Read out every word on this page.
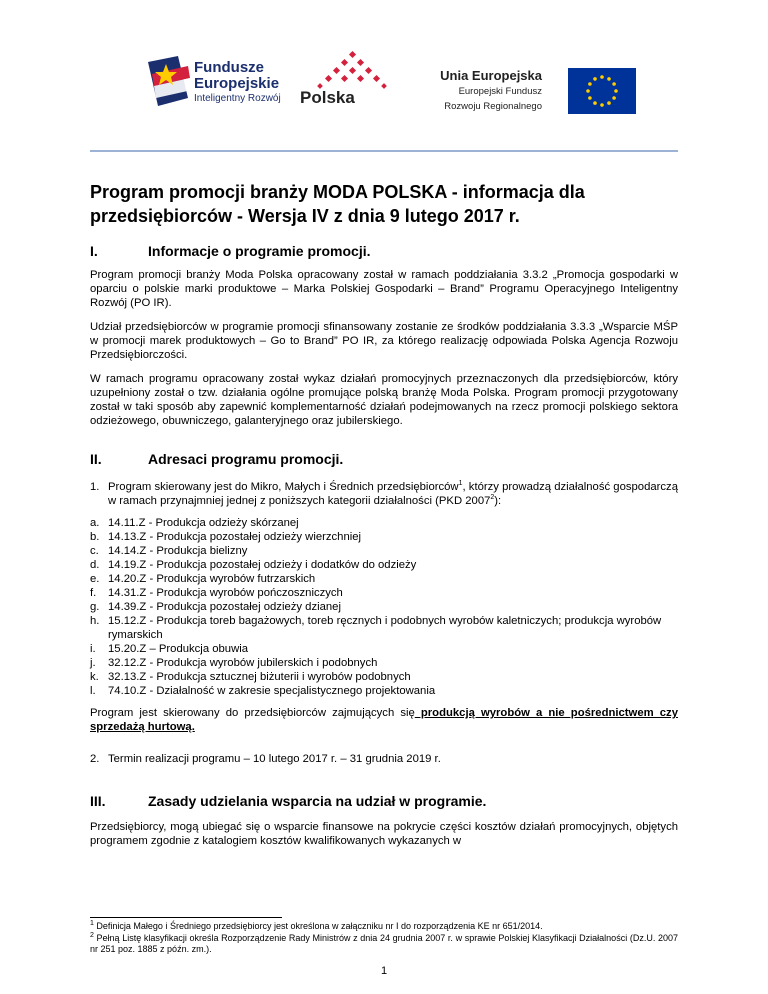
Fundusze
Europejskie
Inteligentny Rozwój Polska
Unia Europejska
Europejski Fundusz
Rozwoju Regionalnego
Program promocji branży MODA POLSKA - informacja dla przedsiębiorców - Wersja IV z dnia 9 lutego 2017 r.
I.	Informacje o programie promocji.

Program promocji branży Moda Polska opracowany został w ramach poddziałania 3.3.2 „Promocja gospodarki w oparciu o polskie marki produktowe – Marka Polskiej Gospodarki – Brand” Programu Operacyjnego Inteligentny Rozwój (PO IR).

Udział przedsiębiorców w programie promocji sfinansowany zostanie ze środków poddziałania 3.3.3 „Wsparcie MŚP w promocji marek produktowych – Go to Brand” PO IR, za którego realizację odpowiada Polska Agencja Rozwoju Przedsiębiorczości.

W ramach programu opracowany został wykaz działań promocyjnych przeznaczonych dla przedsiębiorców, który uzupełniony został o tzw. działania ogólne promujące polską branżę Moda Polska. Program promocji przygotowany został w taki sposób aby zapewnić komplementarność działań podejmowanych na rzecz promocji polskiego sektora odzieżowego, obuwniczego, galanteryjnego oraz jubilerskiego.

II.	Adresaci programu promocji.
1. Program skierowany jest do Mikro, Małych i Średnich przedsiębiorców$^1$, którzy prowadzą działalność gospodarczą w ramach przynajmniej jednej z poniższych kategorii działalności (PKD 2007$^2$):
a. 14.11.Z - Produkcja odzieży skórzanej
b. 14.13.Z - Produkcja pozostałej odzieży wierzchniej
c. 14.14.Z - Produkcja bielizny
d. 14.19.Z - Produkcja pozostałej odzieży i dodatków do odzieży
e. 14.20.Z - Produkcja wyrobów futrzarskich
f.	14.31.Z - Produkcja wyrobów pończoszniczych
g. 14.39.Z - Produkcja pozostałej odzieży dzianej
h. 15.12.Z - Produkcja toreb bagażowych, toreb ręcznych i podobnych wyrobów kaletniczych; produkcja wyrobów rymarskich
i.	15.20.Z – Produkcja obuwia
j.	32.12.Z - Produkcja wyrobów jubilerskich i podobnych
k. 32.13.Z - Produkcja sztucznej biżuterii i wyrobów podobnych
l.	74.10.Z - Działalność w zakresie specjalistycznego projektowania

Program jest skierowany do przedsiębiorców zajmujących się produkcją wyrobów a nie pośrednictwem czy sprzedażą hurtową.

2. Termin realizacji programu – 10 lutego 2017 r. – 31 grudnia 2019 r.
III.	Zasady udzielania wsparcia na udział w programie.

Przedsiębiorcy, mogą ubiegać się o wsparcie finansowe na pokrycie części kosztów działań promocyjnych, objętych programem zgodnie z katalogiem kosztów kwalifikowanych wykazanych w

$^1$ Definicja Małego i Średniego przedsiębiorcy jest określona w załączniku nr I do rozporządzenia KE nr 651/2014.
$^2$ Pełną Listę klasyfikacji określa Rozporządzenie Rady Ministrów z dnia 24 grudnia 2007 r. w sprawie Polskiej Klasyfikacji Działalności (Dz.U. 2007 nr 251 poz. 1885 z późn. zm.).
1
